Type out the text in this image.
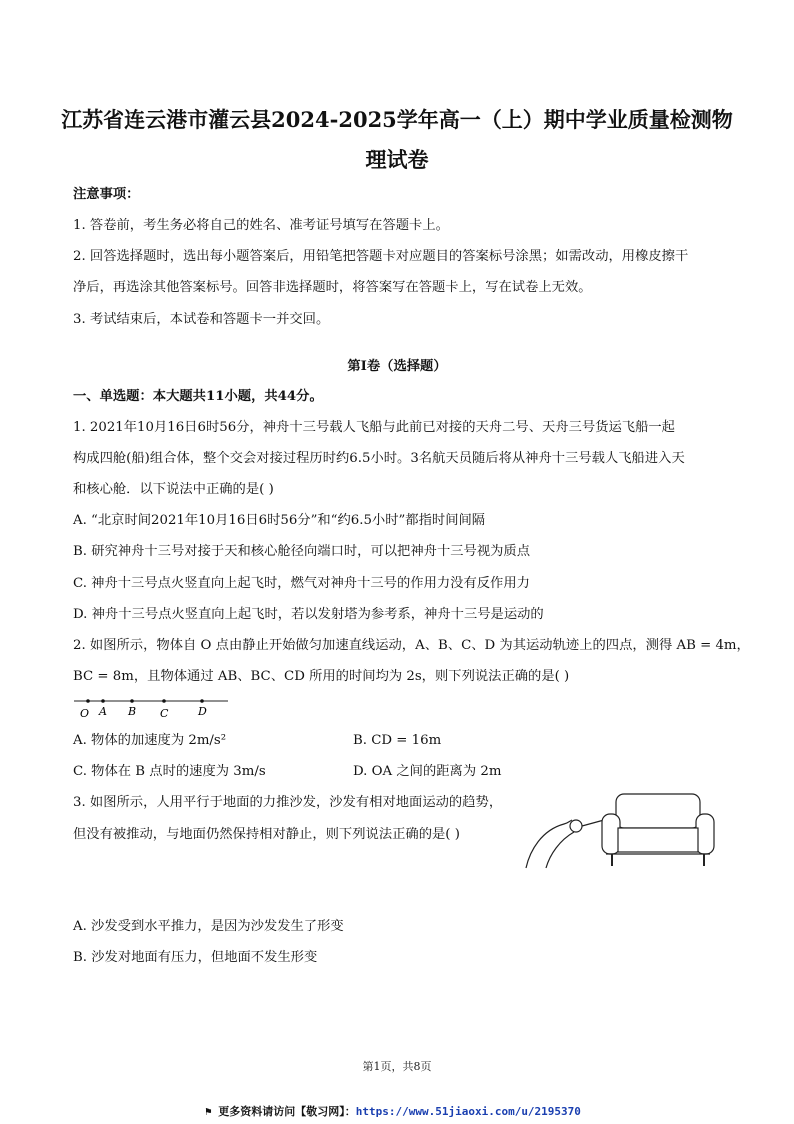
江苏省连云港市灌云县2024-2025学年高一（上）期中学业质量检测物
理试卷
注意事项：
1. 答卷前，考生务必将自己的姓名、准考证号填写在答题卡上。
2. 回答选择题时，选出每小题答案后，用铅笔把答题卡对应题目的答案标号涂黑；如需改动，用橡皮擦干
净后，再选涂其他答案标号。回答非选择题时，将答案写在答题卡上，写在试卷上无效。
3. 考试结束后，本试卷和答题卡一并交回。
第I卷（选择题）
一、单选题：本大题共11小题，共44分。
1. 2021年10月16日6时56分，神舟十三号载人飞船与此前已对接的天舟二号、天舟三号货运飞船一起
构成四舱(船)组合体，整个交会对接过程历时约6.5小时。3名航天员随后将从神舟十三号载人飞船进入天
和核心舱．以下说法中正确的是( )
A. “北京时间2021年10月16日6时56分”和“约6.5小时”都指时间间隔
B. 研究神舟十三号对接于天和核心舱径向端口时，可以把神舟十三号视为质点
C. 神舟十三号点火竖直向上起飞时，燃气对神舟十三号的作用力没有反作用力
D. 神舟十三号点火竖直向上起飞时，若以发射塔为参考系，神舟十三号是运动的
2. 如图所示，物体自 O 点由静止开始做匀加速直线运动，A、B、C、D 为其运动轨迹上的四点，测得 AB = 4m，
BC = 8m，且物体通过 AB、BC、CD 所用的时间均为 2s，则下列说法正确的是( )
O A B C	D
A. 物体的加速度为 2m/s²	B. CD = 16m
C. 物体在 B 点时的速度为 3m/s	D. OA 之间的距离为 2m
3. 如图所示，人用平行于地面的力推沙发，沙发有相对地面运动的趋势，
但没有被推动，与地面仍然保持相对静止，则下列说法正确的是( )
A. 沙发受到水平推力，是因为沙发发生了形变
B. 沙发对地面有压力，但地面不发生形变
第1页，共8页
⚑ 更多资料请访问【敬习网】：https://www.51jiaoxi.com/u/2195370
